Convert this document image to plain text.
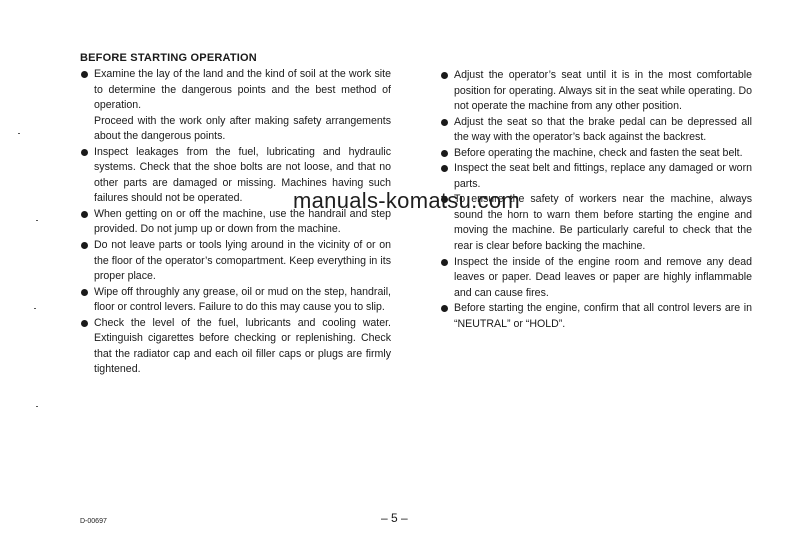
BEFORE STARTING OPERATION

Examine the lay of the land and the kind of soil at the work site to determine the dangerous points and the best method of operation.

Proceed with the work only after making safety arrangements about the dangerous points.

Inspect leakages from the fuel, lubricating and hydraulic systems. Check that the shoe bolts are not loose, and that no other parts are damaged or missing. Machines having such failures should not be operated.

When getting on or off the machine, use the handrail and step provided. Do not jump up or down from the machine.

Do not leave parts or tools lying around in the vicinity of or on the floor of the operator’s comopartment. Keep everything in its proper place.

Wipe off throughly any grease, oil or mud on the step, handrail, floor or control levers. Failure to do this may cause you to slip.

Check the level of the fuel, lubricants and cooling water. Extinguish cigarettes before checking or replenishing. Check that the radiator cap and each oil filler caps or plugs are firmly tightened.

Adjust the operator’s seat until it is in the most comfortable position for operating. Always sit in the seat while operating. Do not operate the machine from any other position.

Adjust the seat so that the brake pedal can be depressed all the way with the operator’s back against the backrest.

Before operating the machine, check and fasten the seat belt.

Inspect the seat belt and fittings, replace any damaged or worn parts.

To ensure the safety of workers near the machine, always sound the horn to warn them before starting the engine and moving the machine. Be particularly careful to check that the rear is clear before backing the machine.

Inspect the inside of the engine room and remove any dead leaves or paper. Dead leaves or paper are highly inflammable and can cause fires.

Before starting the engine, confirm that all control levers are in “NEUTRAL” or “HOLD”.

manuals-komatsu.com
– 5 –
D-00697
